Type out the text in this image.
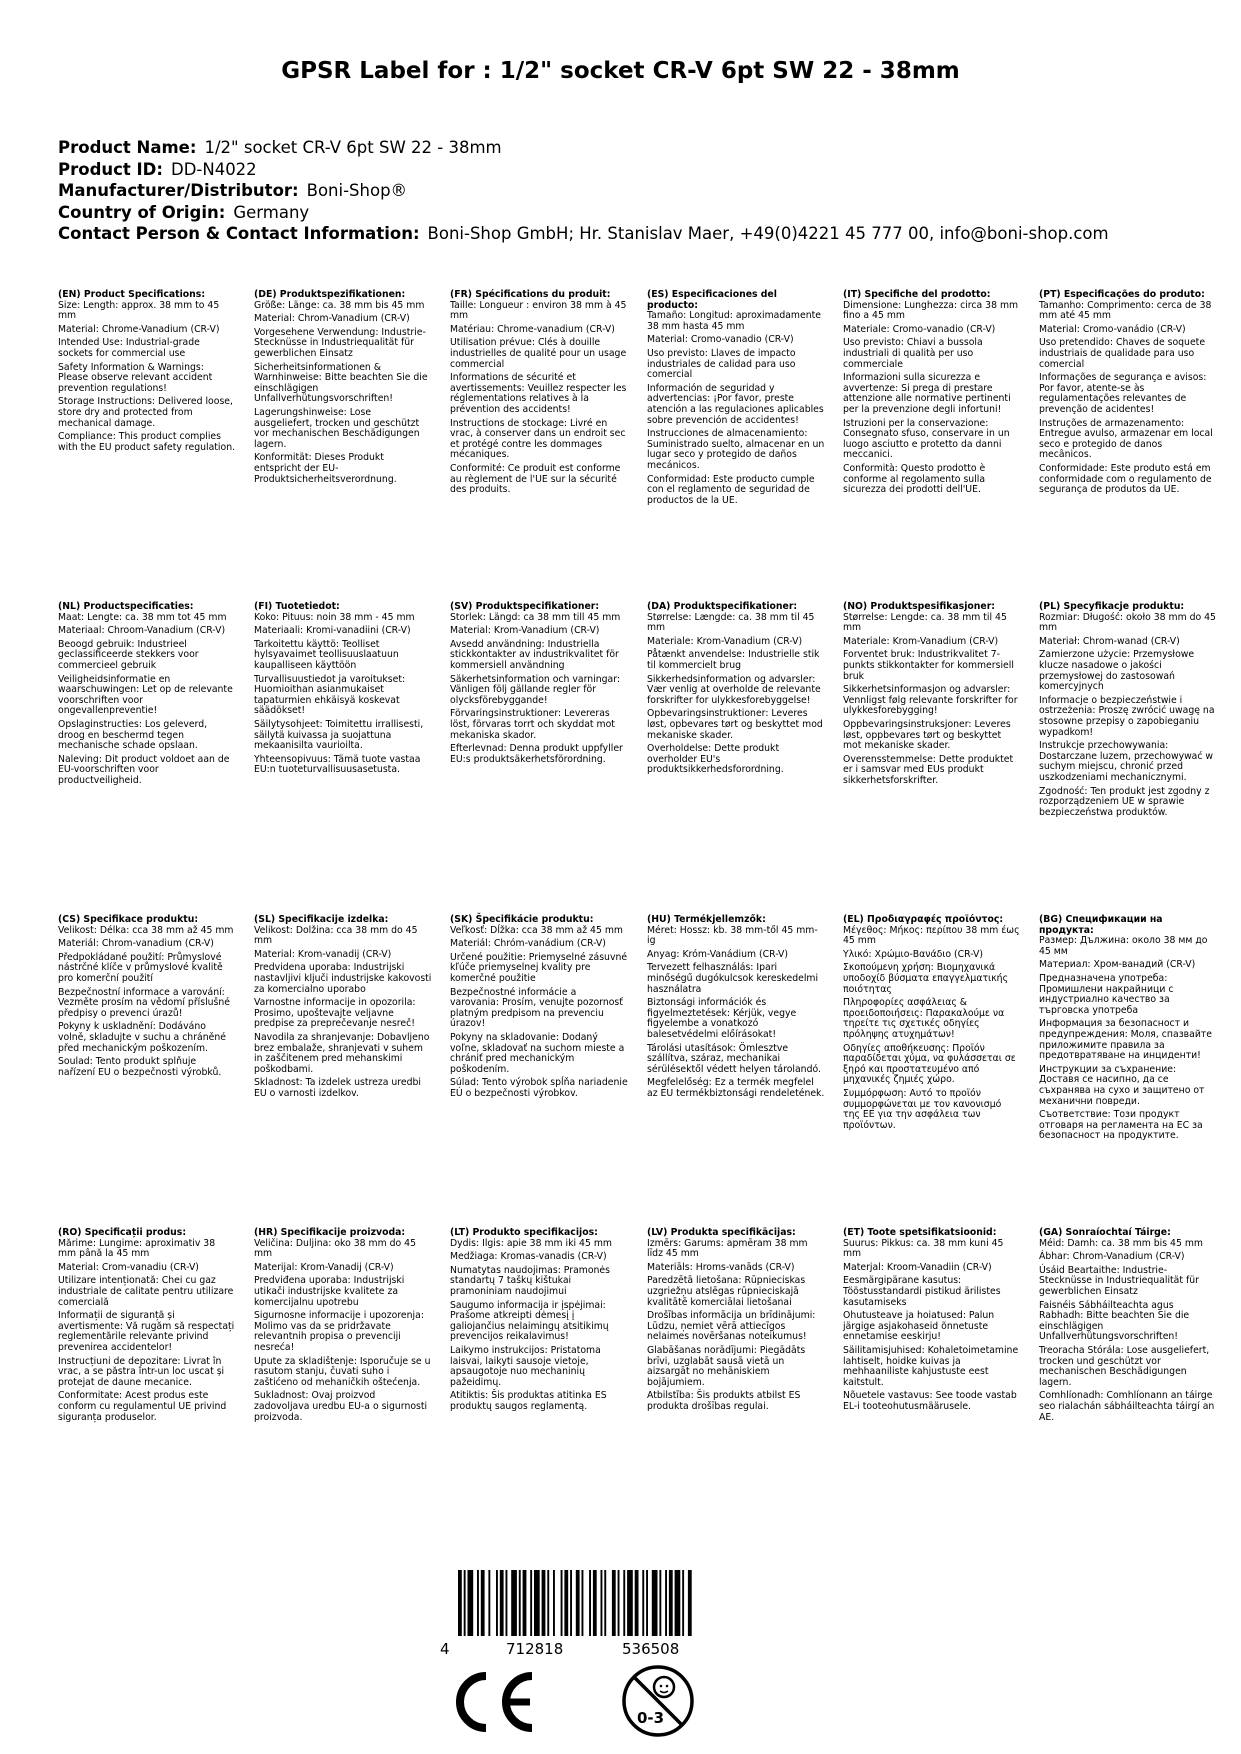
GPSR Label for : 1/2" socket CR-V 6pt SW 22 - 38mm
Product Name: 1/2" socket CR-V 6pt SW 22 - 38mm
Product ID: DD-N4022
Manufacturer/Distributor: Boni-Shop®
Country of Origin: Germany
Contact Person & Contact Information: Boni-Shop GmbH; Hr. Stanislav Maer, +49(0)4221 45 777 00, info@boni-shop.com
(EN) Product Specifications:

Size: Length: approx. 38 mm to 45 mm

Material: Chrome-Vanadium (CR-V)

Intended Use: Industrial-grade sockets for commercial use

Safety Information & Warnings: Please observe relevant accident prevention regulations!

Storage Instructions: Delivered loose, store dry and protected from mechanical damage.

Compliance: This product complies with the EU product safety regulation.

(DE) Produktspezifikationen:

Größe: Länge: ca. 38 mm bis 45 mm

Material: Chrom-Vanadium (CR-V)

Vorgesehene Verwendung: Industrie-Stecknüsse in Industriequalität für gewerblichen Einsatz

Sicherheitsinformationen & Warnhinweise: Bitte beachten Sie die einschlägigen Unfallverhütungsvorschriften!

Lagerungshinweise: Lose ausgeliefert, trocken und geschützt vor mechanischen Beschädigungen lagern.

Konformität: Dieses Produkt entspricht der EU-Produktsicherheitsverordnung.

(FR) Spécifications du produit:

Taille: Longueur : environ 38 mm à 45 mm

Matériau: Chrome-vanadium (CR-V)

Utilisation prévue: Clés à douille industrielles de qualité pour un usage commercial

Informations de sécurité et avertissements: Veuillez respecter les réglementations relatives à la prévention des accidents!

Instructions de stockage: Livré en vrac, à conserver dans un endroit sec et protégé contre les dommages mécaniques.

Conformité: Ce produit est conforme au règlement de l'UE sur la sécurité des produits.

(ES) Especificaciones del producto:

Tamaño: Longitud: aproximadamente 38 mm hasta 45 mm

Material: Cromo-vanadio (CR-V)

Uso previsto: Llaves de impacto industriales de calidad para uso comercial

Información de seguridad y advertencias: ¡Por favor, preste atención a las regulaciones aplicables sobre prevención de accidentes!

Instrucciones de almacenamiento: Suministrado suelto, almacenar en un lugar seco y protegido de daños mecánicos.

Conformidad: Este producto cumple con el reglamento de seguridad de productos de la UE.

(IT) Specifiche del prodotto:

Dimensione: Lunghezza: circa 38 mm fino a 45 mm

Materiale: Cromo-vanadio (CR-V)

Uso previsto: Chiavi a bussola industriali di qualità per uso commerciale

Informazioni sulla sicurezza e avvertenze: Si prega di prestare attenzione alle normative pertinenti per la prevenzione degli infortuni!

Istruzioni per la conservazione: Consegnato sfuso, conservare in un luogo asciutto e protetto da danni meccanici.

Conformità: Questo prodotto è conforme al regolamento sulla sicurezza dei prodotti dell'UE.

(PT) Especificações do produto:

Tamanho: Comprimento: cerca de 38 mm até 45 mm

Material: Cromo-vanádio (CR-V)

Uso pretendido: Chaves de soquete industriais de qualidade para uso comercial

Informações de segurança e avisos: Por favor, atente-se às regulamentações relevantes de prevenção de acidentes!

Instruções de armazenamento: Entregue avulso, armazenar em local seco e protegido de danos mecânicos.

Conformidade: Este produto está em conformidade com o regulamento de segurança de produtos da UE.

(NL) Productspecificaties:

Maat: Lengte: ca. 38 mm tot 45 mm

Materiaal: Chroom-Vanadium (CR-V)

Beoogd gebruik: Industrieel geclassificeerde stekkers voor commercieel gebruik

Veiligheidsinformatie en waarschuwingen: Let op de relevante voorschriften voor ongevallenpreventie!

Opslaginstructies: Los geleverd, droog en beschermd tegen mechanische schade opslaan.

Naleving: Dit product voldoet aan de EU-voorschriften voor productveiligheid.

(FI) Tuotetiedot:

Koko: Pituus: noin 38 mm - 45 mm

Materiaali: Kromi-vanadiini (CR-V)

Tarkoitettu käyttö: Teolliset hylsyavaimet teollisuuslaatuun kaupalliseen käyttöön

Turvallisuustiedot ja varoitukset: Huomioithan asianmukaiset tapaturmien ehkäisyä koskevat säädökset!

Säilytysohjeet: Toimitettu irrallisesti, säilytä kuivassa ja suojattuna mekaanisilta vaurioilta.

Yhteensopivuus: Tämä tuote vastaa EU:n tuoteturvallisuusasetusta.

(SV) Produktspecifikationer:

Storlek: Längd: ca 38 mm till 45 mm

Material: Krom-Vanadium (CR-V)

Avsedd användning: Industriella stickkontakter av industrikvalitet för kommersiell användning

Säkerhetsinformation och varningar: Vänligen följ gällande regler för olycksförebyggande!

Förvaringsinstruktioner: Levereras löst, förvaras torrt och skyddat mot mekaniska skador.

Efterlevnad: Denna produkt uppfyller EU:s produktsäkerhetsförordning.

(DA) Produktspecifikationer:

Størrelse: Længde: ca. 38 mm til 45 mm

Materiale: Krom-Vanadium (CR-V)

Påtænkt anvendelse: Industrielle stik til kommercielt brug

Sikkerhedsinformation og advarsler: Vær venlig at overholde de relevante forskrifter for ulykkesforebyggelse!

Opbevaringsinstruktioner: Leveres løst, opbevares tørt og beskyttet mod mekaniske skader.

Overholdelse: Dette produkt overholder EU's produktsikkerhedsforordning.

(NO) Produktspesifikasjoner:

Størrelse: Lengde: ca. 38 mm til 45 mm

Materiale: Krom-Vanadium (CR-V)

Forventet bruk: Industrikvalitet 7-punkts stikkontakter for kommersiell bruk

Sikkerhetsinformasjon og advarsler: Vennligst følg relevante forskrifter for ulykkesforebygging!

Oppbevaringsinstruksjoner: Leveres løst, oppbevares tørt og beskyttet mot mekaniske skader.

Overensstemmelse: Dette produktet er i samsvar med EUs produkt sikkerhetsforskrifter.

(PL) Specyfikacje produktu:

Rozmiar: Długość: około 38 mm do 45 mm

Materiał: Chrom-wanad (CR-V)

Zamierzone użycie: Przemysłowe klucze nasadowe o jakości przemysłowej do zastosowań komercyjnych

Informacje o bezpieczeństwie i ostrzeżenia: Proszę zwrócić uwagę na stosowne przepisy o zapobieganiu wypadkom!

Instrukcje przechowywania: Dostarczane luzem, przechowywać w suchym miejscu, chronić przed uszkodzeniami mechanicznymi.

Zgodność: Ten produkt jest zgodny z rozporządzeniem UE w sprawie bezpieczeństwa produktów.

(CS) Specifikace produktu:

Velikost: Délka: cca 38 mm až 45 mm

Materiál: Chrom-vanadium (CR-V)

Předpokládané použití: Průmyslové nástrčné klíče v průmyslové kvalitě pro komerční použití

Bezpečnostní informace a varování: Vezměte prosím na vědomí příslušné předpisy o prevenci úrazů!

Pokyny k uskladnění: Dodáváno volně, skladujte v suchu a chráněné před mechanickým poškozením.

Soulad: Tento produkt splňuje nařízení EU o bezpečnosti výrobků.

(SL) Specifikacije izdelka:

Velikost: Dolžina: cca 38 mm do 45 mm

Material: Krom-vanadij (CR-V)

Predvidena uporaba: Industrijski nastavljivi ključi industrijske kakovosti za komercialno uporabo

Varnostne informacije in opozorila: Prosimo, upoštevajte veljavne predpise za preprečevanje nesreč!

Navodila za shranjevanje: Dobavljeno brez embalaže, shranjevati v suhem in zaščitenem pred mehanskimi poškodbami.

Skladnost: Ta izdelek ustreza uredbi EU o varnosti izdelkov.

(SK) Špecifikácie produktu:

Veľkosť: Dĺžka: cca 38 mm až 45 mm

Materiál: Chróm-vanádium (CR-V)

Určené použitie: Priemyselné zásuvné kľúče priemyselnej kvality pre komerčné použitie

Bezpečnostné informácie a varovania: Prosím, venujte pozornosť platným predpisom na prevenciu úrazov!

Pokyny na skladovanie: Dodaný voľne, skladovať na suchom mieste a chrániť pred mechanickým poškodením.

Súlad: Tento výrobok spĺňa nariadenie EÚ o bezpečnosti výrobkov.

(HU) Termékjellemzők:

Méret: Hossz: kb. 38 mm-től 45 mm-ig

Anyag: Króm-Vanádium (CR-V)

Tervezett felhasználás: Ipari minőségű dugókulcsok kereskedelmi használatra

Biztonsági információk és figyelmeztetések: Kérjük, vegye figyelembe a vonatkozó balesetvédelmi előírásokat!

Tárolási utasítások: Ömlesztve szállítva, száraz, mechanikai sérülésektől védett helyen tárolandó.

Megfelelőség: Ez a termék megfelel az EU termékbiztonsági rendeletének.

(EL) Προδιαγραφές προϊόντος:

Μέγεθος: Μήκος: περίπου 38 mm έως 45 mm

Υλικό: Χρώμιο-Βανάδιο (CR-V)

Σκοπούμενη χρήση: Βιομηχανικά υποδοχίδ βύσματα επαγγελματικής ποιότητας

Πληροφορίες ασφάλειας & προειδοποιήσεις: Παρακαλούμε να τηρείτε τις σχετικές οδηγίες πρόληψης ατυχημάτων!

Οδηγίες αποθήκευσης: Προϊόν παραδίδεται χύμα, να φυλάσσεται σε ξηρό και προστατευμένο από μηχανικές ζημιές χώρο.

Συμμόρφωση: Αυτό το προϊόν συμμορφώνεται με τον κανονισμό της ΕΕ για την ασφάλεια των προϊόντων.

(BG) Спецификации на продукта:

Размер: Дължина: около 38 мм до 45 мм

Материал: Хром-ванадий (CR-V)

Предназначена употреба: Промишлени накрайници с индустриално качество за търговска употреба

Информация за безопасност и предупреждения: Моля, спазвайте приложимите правила за предотвратяване на инциденти!

Инструкции за съхранение: Доставя се насипно, да се съхранява на сухо и защитено от механични повреди.

Съответствие: Този продукт отговаря на регламента на ЕС за безопасност на продуктите.

(RO) Specificații produs:

Mărime: Lungime: aproximativ 38 mm până la 45 mm

Material: Crom-vanadiu (CR-V)

Utilizare intenționată: Chei cu gaz industriale de calitate pentru utilizare comercială

Informații de siguranță și avertismente: Vă rugăm să respectați reglementările relevante privind prevenirea accidentelor!

Instrucțiuni de depozitare: Livrat în vrac, a se păstra într-un loc uscat și protejat de daune mecanice.

Conformitate: Acest produs este conform cu regulamentul UE privind siguranța produselor.

(HR) Specifikacije proizvoda:

Veličina: Duljina: oko 38 mm do 45 mm

Materijal: Krom-Vanadij (CR-V)

Predviđena uporaba: Industrijski utikači industrijske kvalitete za komercijalnu upotrebu

Sigurnosne informacije i upozorenja: Molimo vas da se pridržavate relevantnih propisa o prevenciji nesreća!

Upute za skladištenje: Isporučuje se u rasutom stanju, čuvati suho i zaštićeno od mehaničkih oštećenja.

Sukladnost: Ovaj proizvod zadovoljava uredbu EU-a o sigurnosti proizvoda.

(LT) Produkto specifikacijos:

Dydis: Ilgis: apie 38 mm iki 45 mm

Medžiaga: Kromas-vanadis (CR-V)

Numatytas naudojimas: Pramonės standartų 7 taškų kištukai pramoniniam naudojimui

Saugumo informacija ir įspėjimai: Prašome atkreipti dėmesį į galiojančius nelaimingų atsitikimų prevencijos reikalavimus!

Laikymo instrukcijos: Pristatoma laisvai, laikyti sausoje vietoje, apsaugotoje nuo mechaninių pažeidimų.

Atitiktis: Šis produktas atitinka ES produktų saugos reglamentą.

(LV) Produkta specifikācijas:

Izmērs: Garums: apmēram 38 mm līdz 45 mm

Materiāls: Hroms-vanāds (CR-V)

Paredzētā lietošana: Rūpnieciskas uzgriežņu atslēgas rūpnieciskajā kvalitātē komerciālai lietošanai

Drošības informācija un brīdinājumi: Lūdzu, ņemiet vērā attiecīgos nelaimes novēršanas noteikumus!

Glabāšanas norādījumi: Piegādāts brīvi, uzglabāt sausā vietā un aizsargāt no mehāniskiem bojājumiem.

Atbilstība: Šis produkts atbilst ES produkta drošības regulai.

(ET) Toote spetsifikatsioonid:

Suurus: Pikkus: ca. 38 mm kuni 45 mm

Materjal: Kroom-Vanadiin (CR-V)

Eesmärgipärane kasutus: Tööstusstandardi pistikud ärilistes kasutamiseks

Ohutusteave ja hoiatused: Palun järgige asjakohaseid õnnetuste ennetamise eeskirju!

Säilitamisjuhised: Kohaletoimetamine lahtiselt, hoidke kuivas ja mehhaaniliste kahjustuste eest kaitstult.

Nõuetele vastavus: See toode vastab EL-i tooteohutusmäärusele.

(GA) Sonraíochtaí Táirge:

Méid: Damh: ca. 38 mm bis 45 mm

Ábhar: Chrom-Vanadium (CR-V)

Úsáid Beartaithe: Industrie-Stecknüsse in Industriequalität für gewerblichen Einsatz

Faisnéis Sábháilteachta agus Rabhadh: Bitte beachten Sie die einschlägigen Unfallverhütungsvorschriften!

Treoracha Stórála: Lose ausgeliefert, trocken und geschützt vor mechanischen Beschädigungen lagern.

Comhlíonadh: Comhlíonann an táirge seo rialachán sábháilteachta táirgí an AE.

4	712818	536508
0-3
